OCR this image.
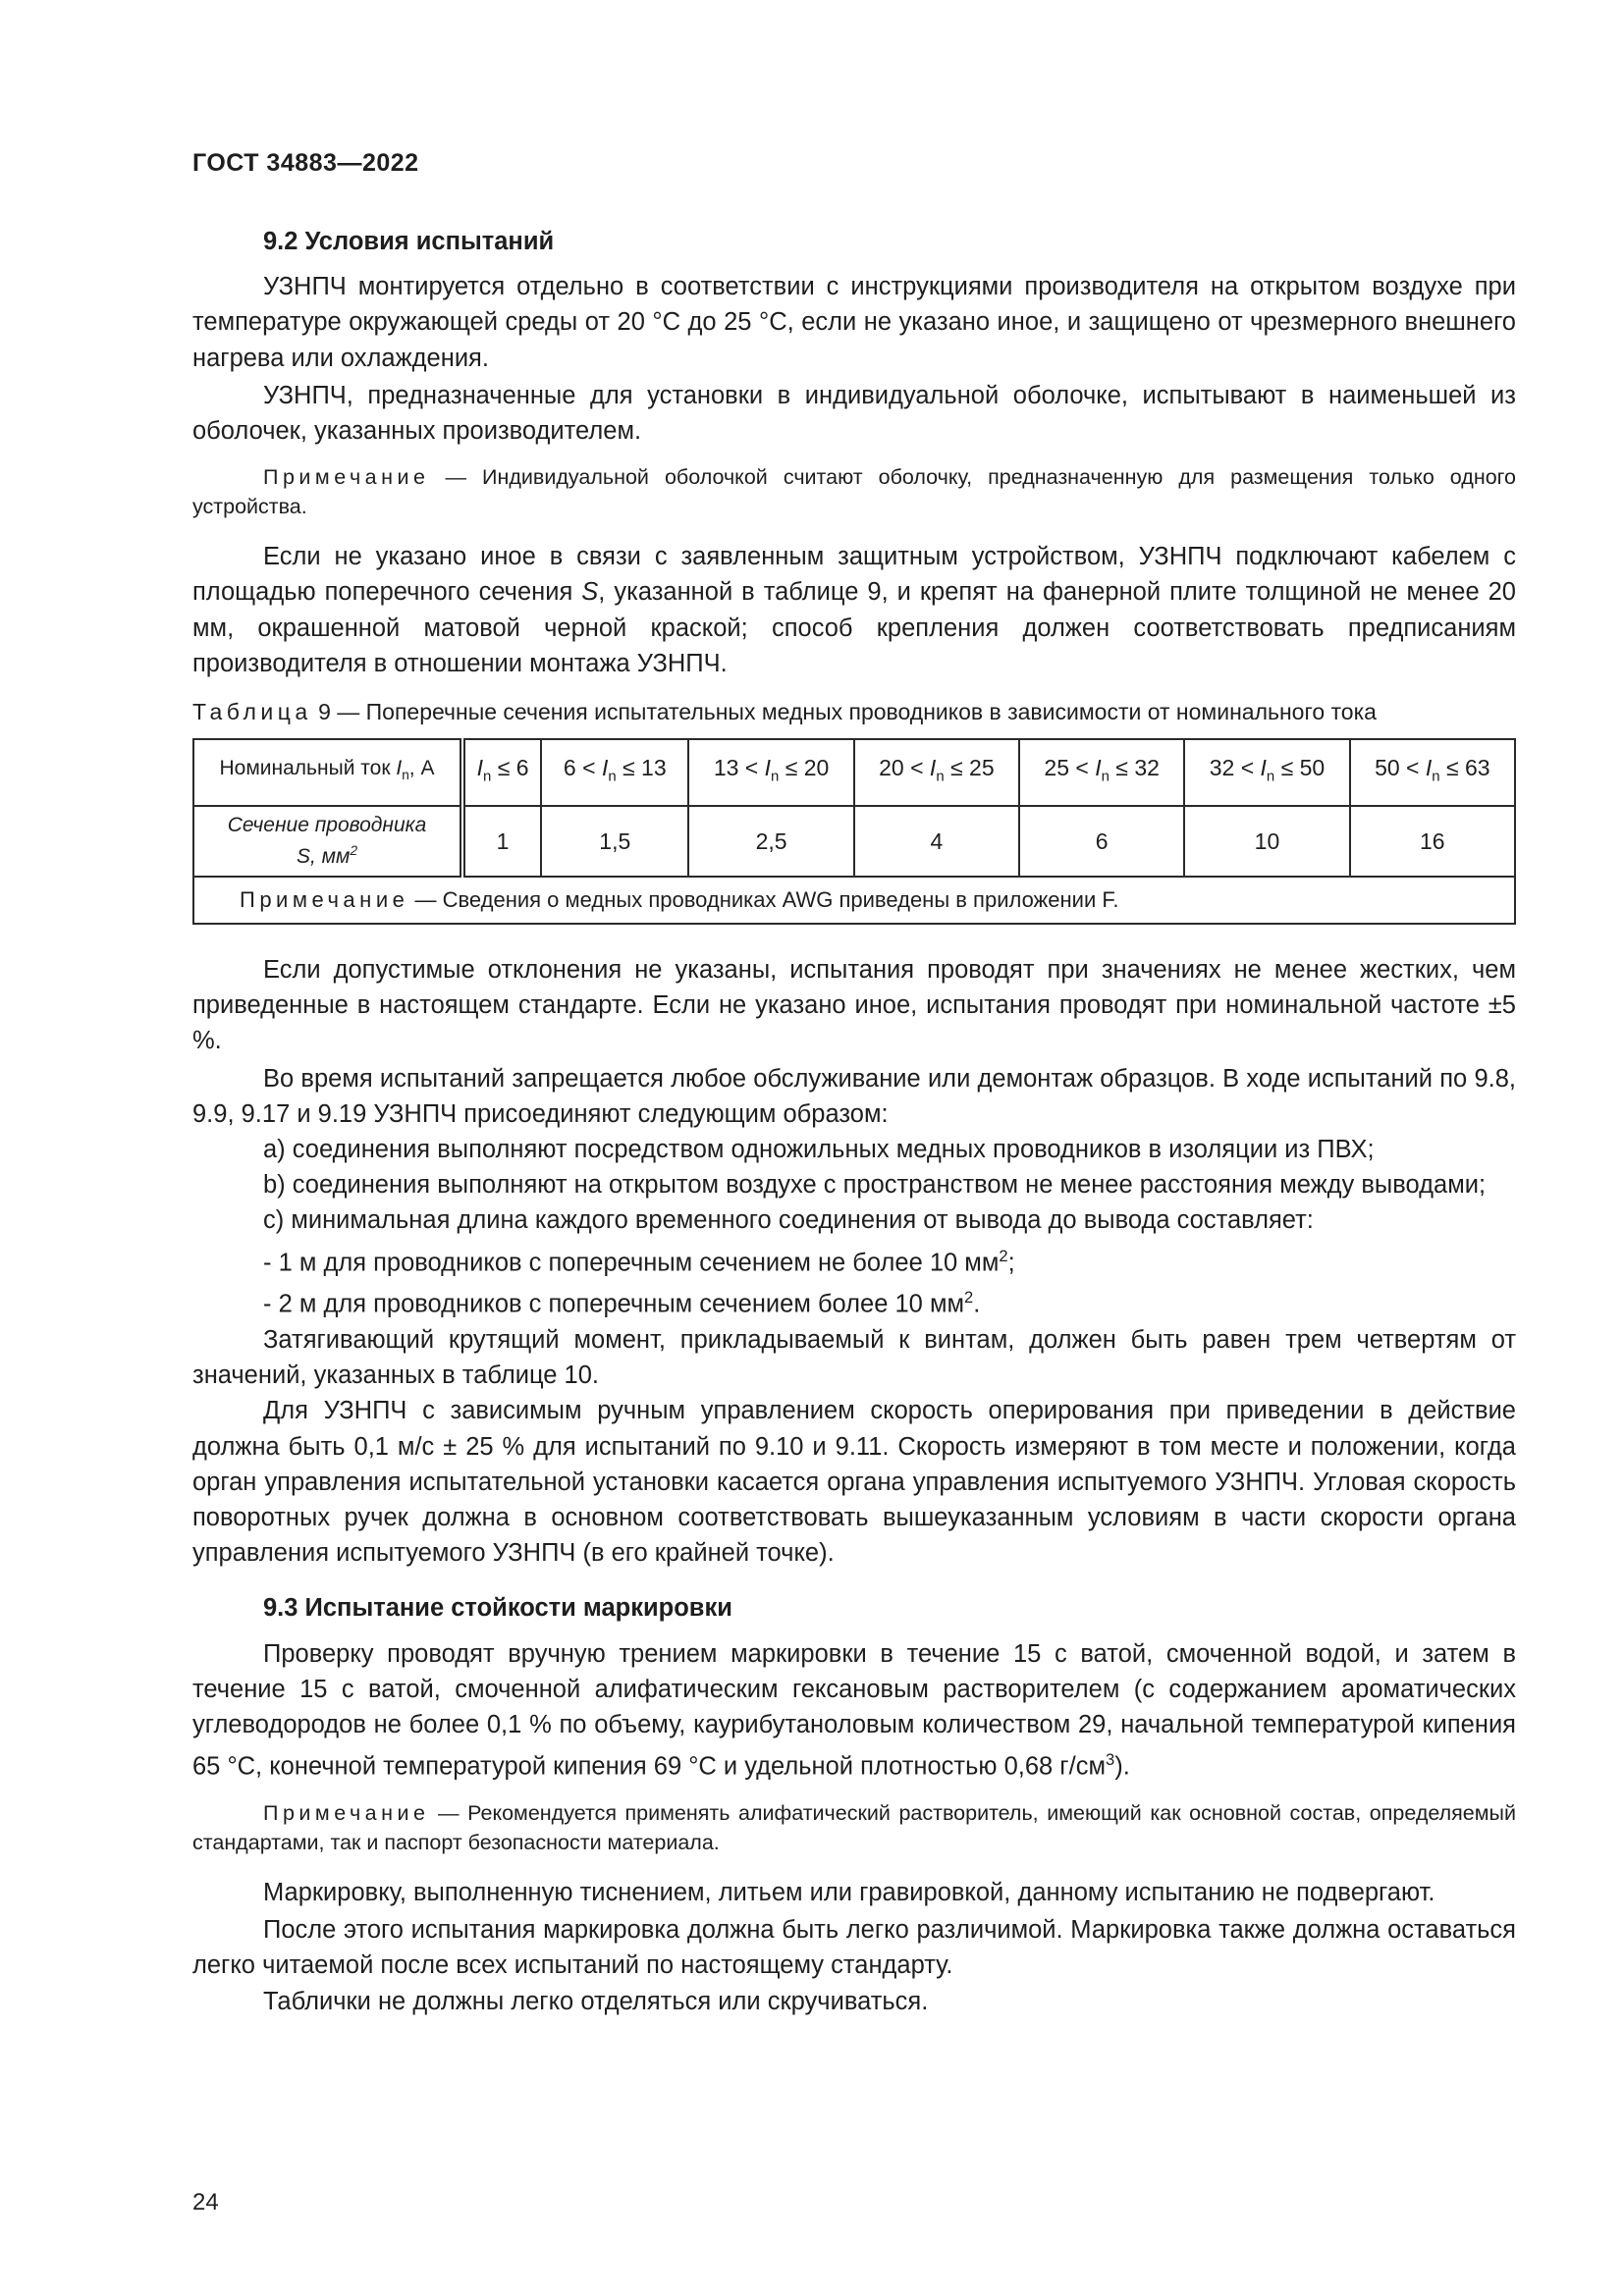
ГОСТ 34883—2022
9.2 Условия испытаний

УЗНПЧ монтируется отдельно в соответствии с инструкциями производителя на открытом воздухе при температуре окружающей среды от 20 °С до 25 °С, если не указано иное, и защищено от чрезмерного внешнего нагрева или охлаждения.

УЗНПЧ, предназначенные для установки в индивидуальной оболочке, испытывают в наименьшей из оболочек, указанных производителем.

Примечание — Индивидуальной оболочкой считают оболочку, предназначенную для размещения только одного устройства.

Если не указано иное в связи с заявленным защитным устройством, УЗНПЧ подключают кабелем с площадью поперечного сечения S, указанной в таблице 9, и крепят на фанерной плите толщиной не менее 20 мм, окрашенной матовой черной краской; способ крепления должен соответствовать предписаниям производителя в отношении монтажа УЗНПЧ.

Таблица 9 — Поперечные сечения испытательных медных проводников в зависимости от номинального тока
Номинальный ток $I_n$, А	$I_n \le 6$	$6 < I_n \le 13$	$13 < I_n \le 20$	$20 < I_n \le 25$	$25 < I_n \le 32$	$32 < I_n \le 50$	$50 < I_n \le 63$
Сечение проводника
S, $мм^2$	1	1,5	2,5	4	6	10	16
Примечание — Сведения о медных проводниках AWG приведены в приложении F.							

Если допустимые отклонения не указаны, испытания проводят при значениях не менее жестких, чем приведенные в настоящем стандарте. Если не указано иное, испытания проводят при номинальной частоте ±5 %.

Во время испытаний запрещается любое обслуживание или демонтаж образцов. В ходе испытаний по 9.8, 9.9, 9.17 и 9.19 УЗНПЧ присоединяют следующим образом:

a) соединения выполняют посредством одножильных медных проводников в изоляции из ПВХ;

b) соединения выполняют на открытом воздухе с пространством не менее расстояния между выводами;

c) минимальная длина каждого временного соединения от вывода до вывода составляет:

- 1 м для проводников с поперечным сечением не более 10 $мм^2$;

- 2 м для проводников с поперечным сечением более 10 $мм^2$.

Затягивающий крутящий момент, прикладываемый к винтам, должен быть равен трем четвертям от значений, указанных в таблице 10.

Для УЗНПЧ с зависимым ручным управлением скорость оперирования при приведении в действие должна быть 0,1 м/с ± 25 % для испытаний по 9.10 и 9.11. Скорость измеряют в том месте и положении, когда орган управления испытательной установки касается органа управления испытуемого УЗНПЧ. Угловая скорость поворотных ручек должна в основном соответствовать вышеуказанным условиям в части скорости органа управления испытуемого УЗНПЧ (в его крайней точке).

9.3 Испытание стойкости маркировки

Проверку проводят вручную трением маркировки в течение 15 с ватой, смоченной водой, и затем в течение 15 с ватой, смоченной алифатическим гексановым растворителем (с содержанием ароматических углеводородов не более 0,1 % по объему, каурибутаноловым количеством 29, начальной температурой кипения 65 °С, конечной температурой кипения 69 °С и удельной плотностью 0,68 $г/см^3$).

Примечание — Рекомендуется применять алифатический растворитель, имеющий как основной состав, определяемый стандартами, так и паспорт безопасности материала.

Маркировку, выполненную тиснением, литьем или гравировкой, данному испытанию не подвергают.

После этого испытания маркировка должна быть легко различимой. Маркировка также должна оставаться легко читаемой после всех испытаний по настоящему стандарту.

Таблички не должны легко отделяться или скручиваться.

24
